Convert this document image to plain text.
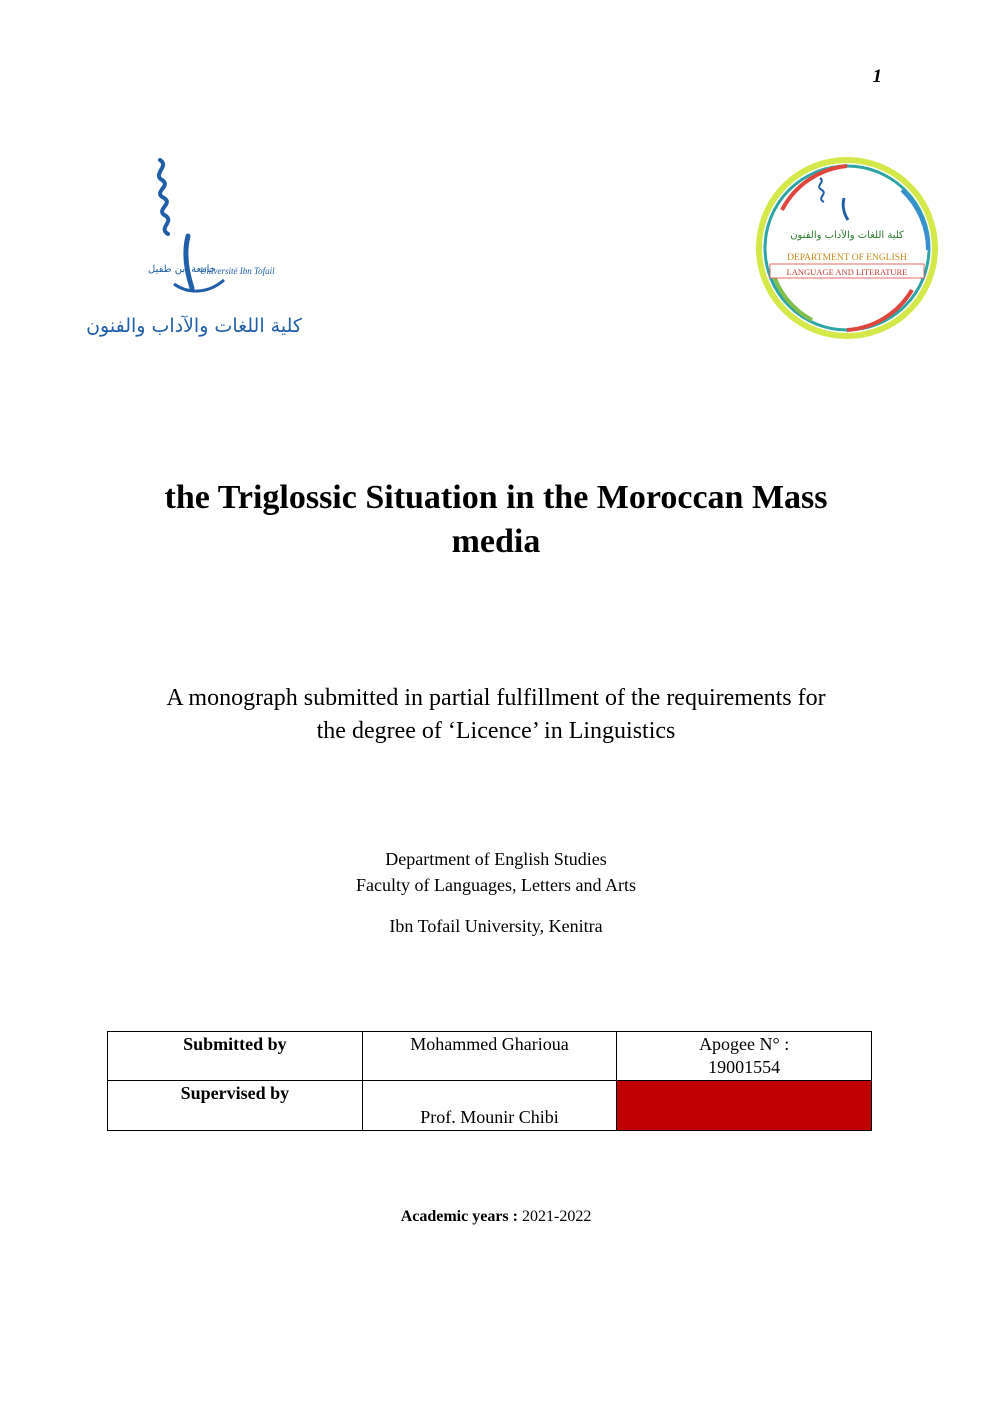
1
Université Ibn Tofail
جامعة ابن طفيل
كلية اللغات والآداب والفنون
كلية اللغات والآداب والفنون
DEPARTMENT OF ENGLISH
LANGUAGE AND LITERATURE
the Triglossic Situation in the Moroccan Mass
media
A monograph submitted in partial fulfillment of the requirements for
the degree of ‘Licence’ in Linguistics
Department of English Studies
Faculty of Languages, Letters and Arts
Ibn Tofail University, Kenitra
Submitted by	Mohammed Gharioua	Apogee N° :
19001554

Supervised by	Prof. Mounir Chibi	
Academic years : 2021-2022
